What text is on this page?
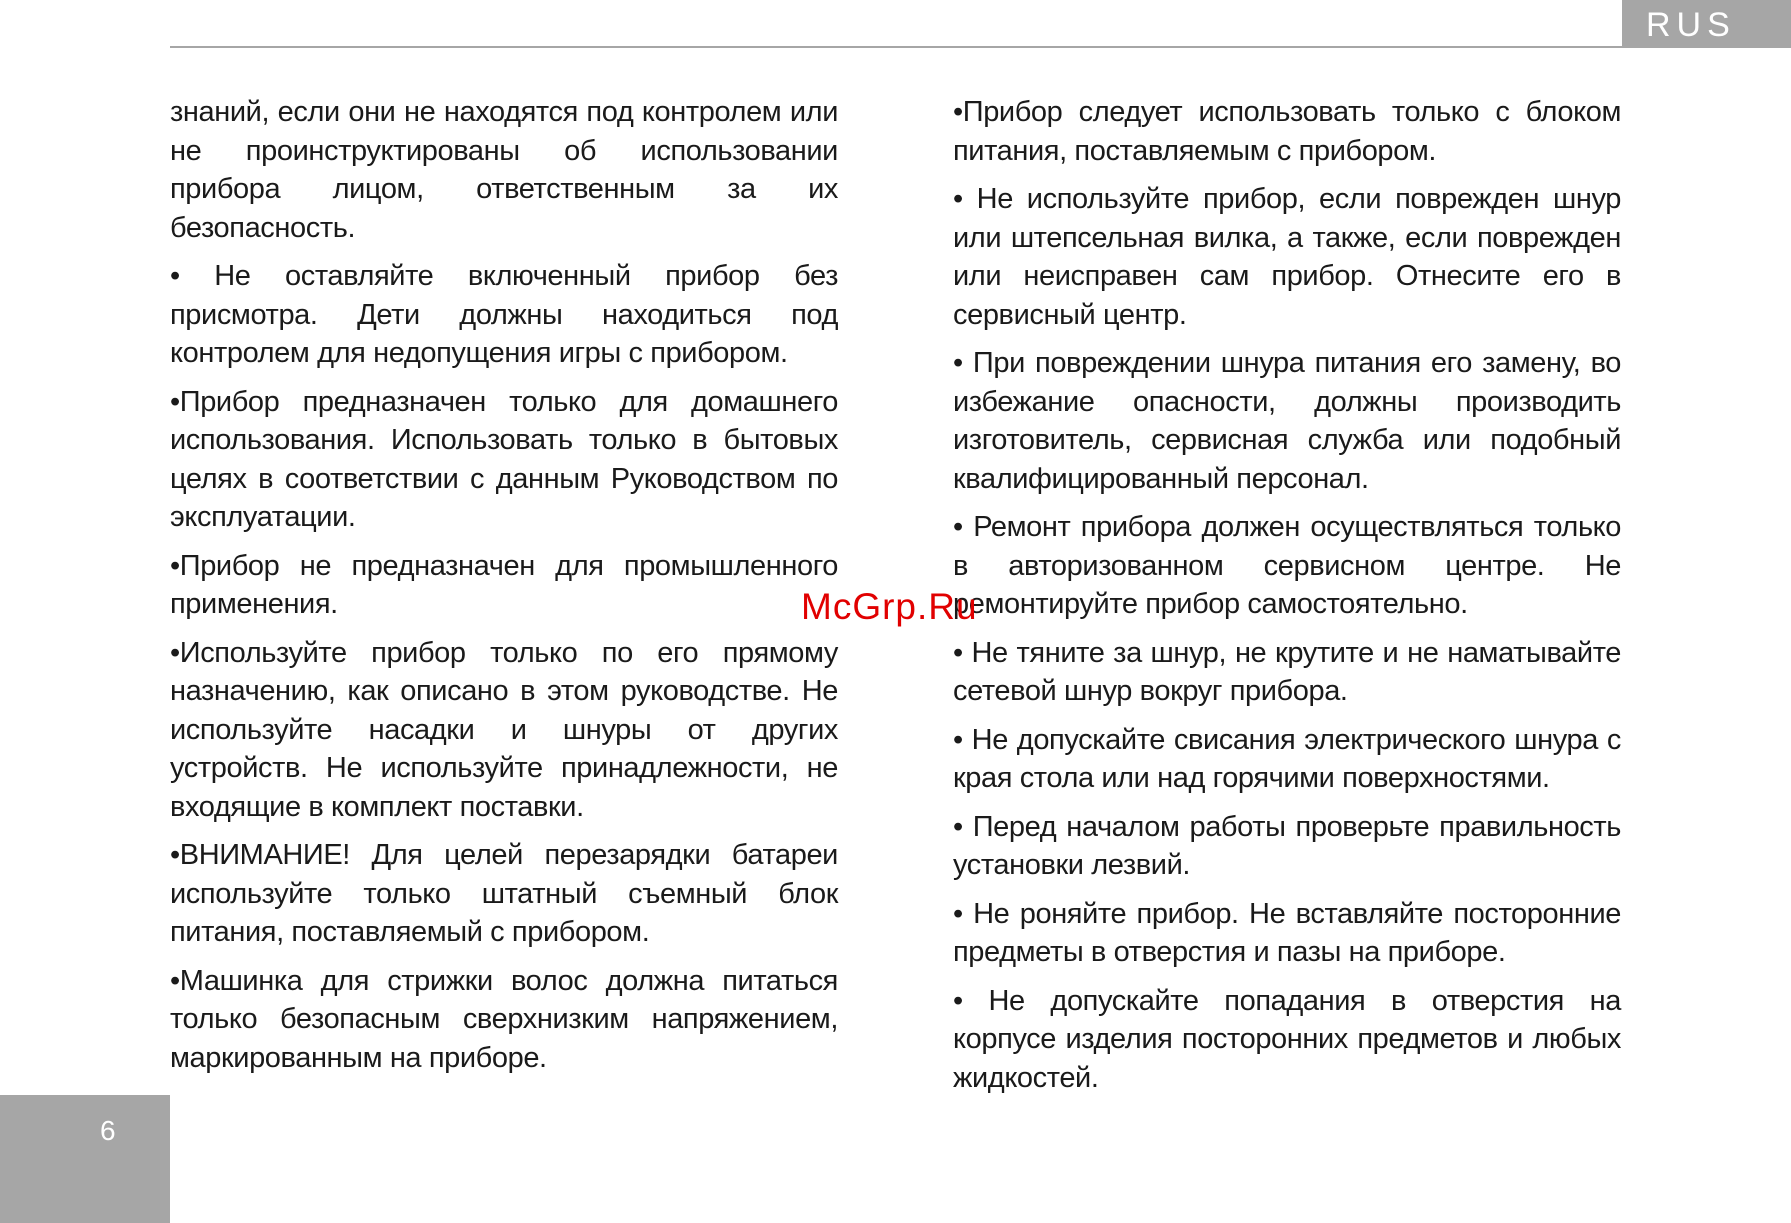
RUS

знаний, если они не находятся под контролем или не проинструктированы об использовании прибора лицом, ответственным за их безопасность.

• Не оставляйте включенный прибор без присмотра. Дети должны находиться под контролем для недопущения игры с прибором.

•Прибор предназначен только для домашнего использования. Использовать только в бытовых целях в соответствии с данным Руководством по эксплуатации.

•Прибор не предназначен для промышленного применения.

•Используйте прибор только по его прямому назначению, как описано в этом руководстве. Не используйте насадки и шнуры от других устройств. Не используйте принадлежности, не входящие в комплект поставки.

•ВНИМАНИЕ! Для целей перезарядки батареи используйте только штатный съемный блок питания, поставляемый с прибором.

•Машинка для стрижки волос должна питаться только безопасным сверхнизким напряжением, маркированным на приборе.

•Прибор следует использовать только с блоком питания, поставляемым с прибором.

• Не используйте прибор, если поврежден шнур или штепсельная вилка, а также, если поврежден или неисправен сам прибор. Отнесите его в сервисный центр.

• При повреждении шнура питания его замену, во избежание опасности, должны производить изготовитель, сервисная служба или подобный квалифицированный персонал.

• Ремонт прибора должен осуществляться только в авторизованном сервисном центре. Не ремонтируйте прибор самостоятельно.

• Не тяните за шнур, не крутите и не наматывайте сетевой шнур вокруг прибора.

• Не допускайте свисания электрического шнура с края стола или над горячими поверхностями.

• Перед началом работы проверьте правильность установки лезвий.

• Не роняйте прибор. Не вставляйте посторонние предметы в отверстия и пазы на приборе.

• Не допускайте попадания в отверстия на корпусе изделия посторонних предметов и любых жидкостей.

McGrp.Ru
6
